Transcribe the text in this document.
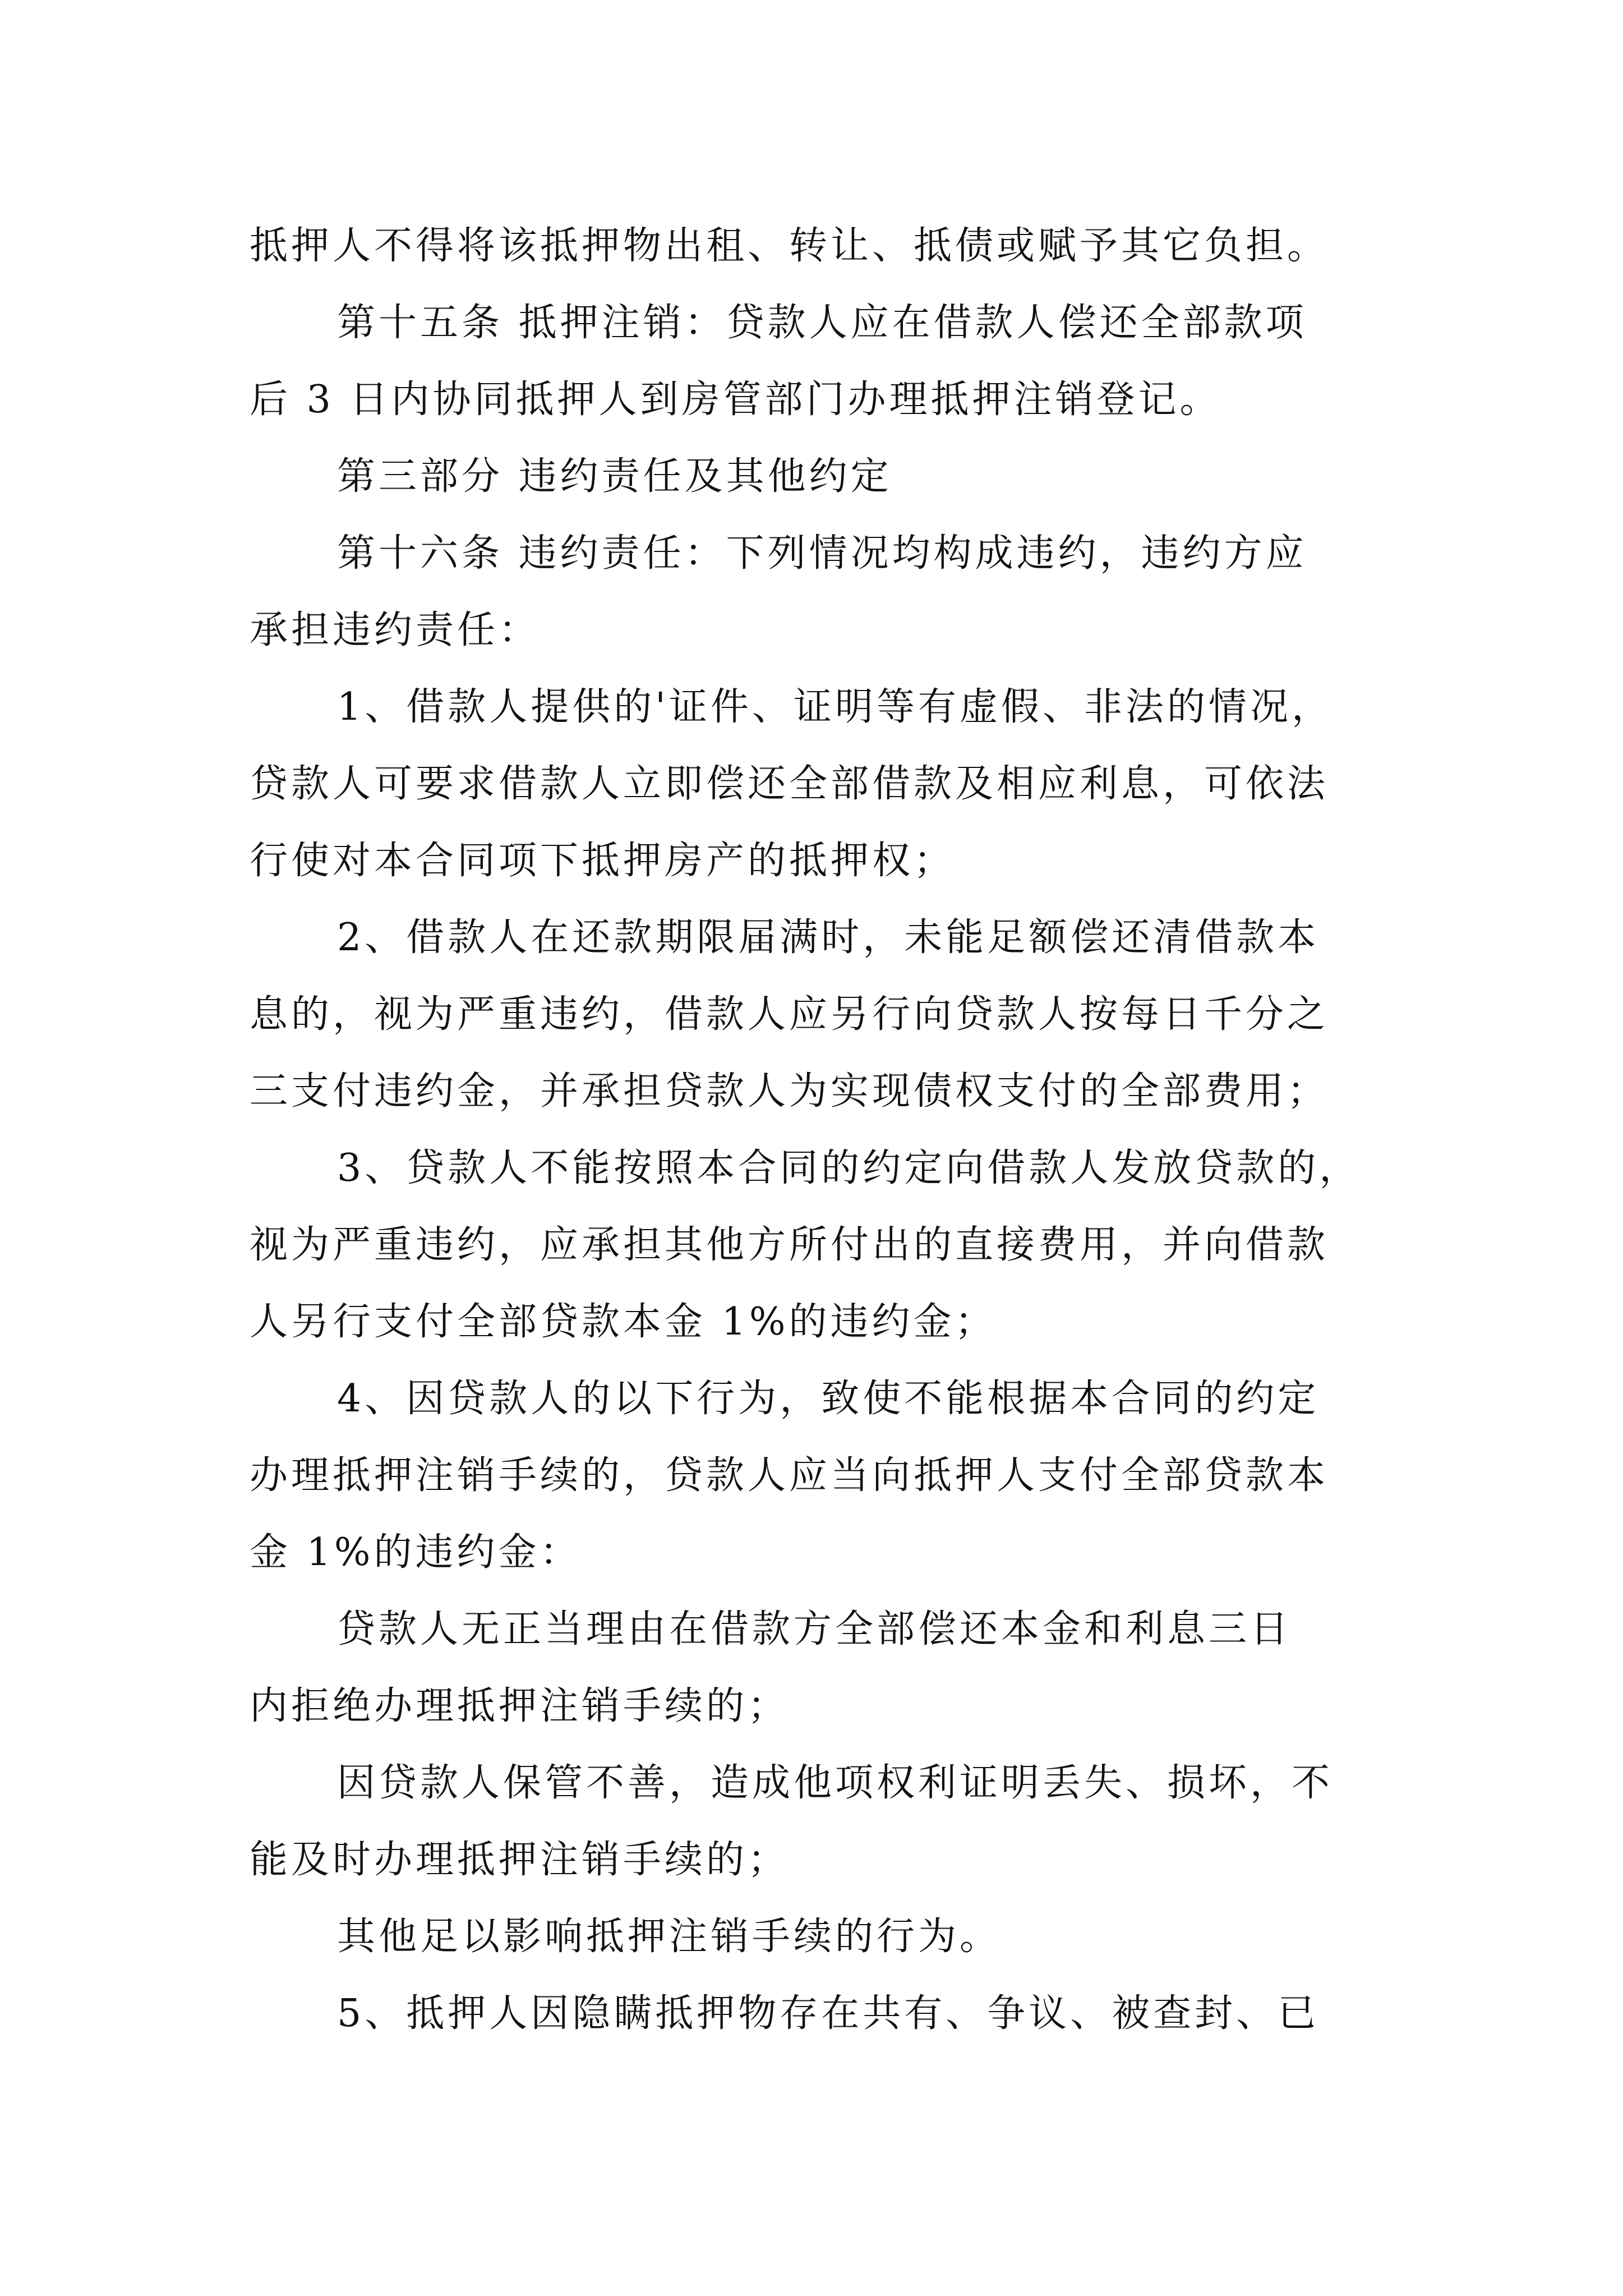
抵押人不得将该抵押物出租、转让、抵债或赋予其它负担。
第十五条 抵押注销：贷款人应在借款人偿还全部款项
后 3 日内协同抵押人到房管部门办理抵押注销登记。
第三部分 违约责任及其他约定
第十六条 违约责任：下列情况均构成违约，违约方应
承担违约责任：
1、借款人提供的'证件、证明等有虚假、非法的情况，
贷款人可要求借款人立即偿还全部借款及相应利息，可依法
行使对本合同项下抵押房产的抵押权；
2、借款人在还款期限届满时，未能足额偿还清借款本
息的，视为严重违约，借款人应另行向贷款人按每日千分之
三支付违约金，并承担贷款人为实现债权支付的全部费用；
3、贷款人不能按照本合同的约定向借款人发放贷款的，
视为严重违约，应承担其他方所付出的直接费用，并向借款
人另行支付全部贷款本金 1%的违约金；
4、因贷款人的以下行为，致使不能根据本合同的约定
办理抵押注销手续的，贷款人应当向抵押人支付全部贷款本
金 1%的违约金：
贷款人无正当理由在借款方全部偿还本金和利息三日
内拒绝办理抵押注销手续的；
因贷款人保管不善，造成他项权利证明丢失、损坏，不
能及时办理抵押注销手续的；
其他足以影响抵押注销手续的行为。
5、抵押人因隐瞒抵押物存在共有、争议、被查封、已
